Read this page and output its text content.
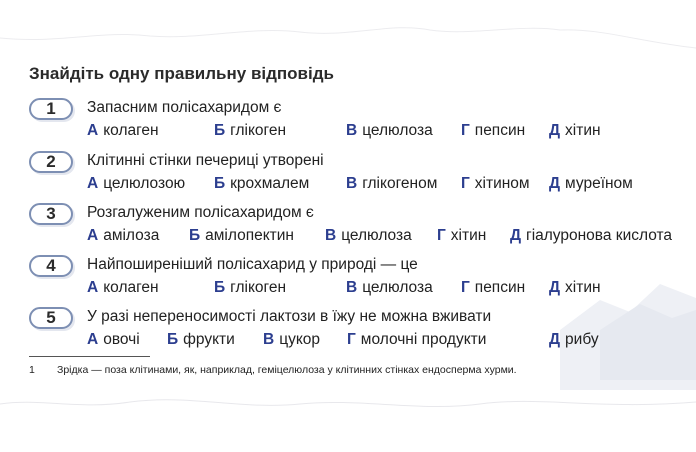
Знайдіть одну правильну відповідь
1	Запасним полісахаридом є
А колаген	Б глікоген	В целюлоза Г пепсин Д хітин
2	Клітинні стінки печериці утворені
А целюлозою Б крохмалем В глікогеном Г хітином Д муреїном
3	Розгалуженим полісахаридом є
А амілоза Б амілопектин В целюлоза Г хітин Д гіалуронова кислота
4	Найпоширеніший полісахарид у природі — це
А колаген	Б глікоген	В целюлоза Г пепсин Д хітин
5	У разі непереносимості лактози в їжу не можна вживати
А овочі Б фрукти В цукор Г молочні продукти	Д рибу
1 Зрідка — поза клітинами, як, наприклад, геміцелюлоза у клітинних стінках ендосперма хурми.
